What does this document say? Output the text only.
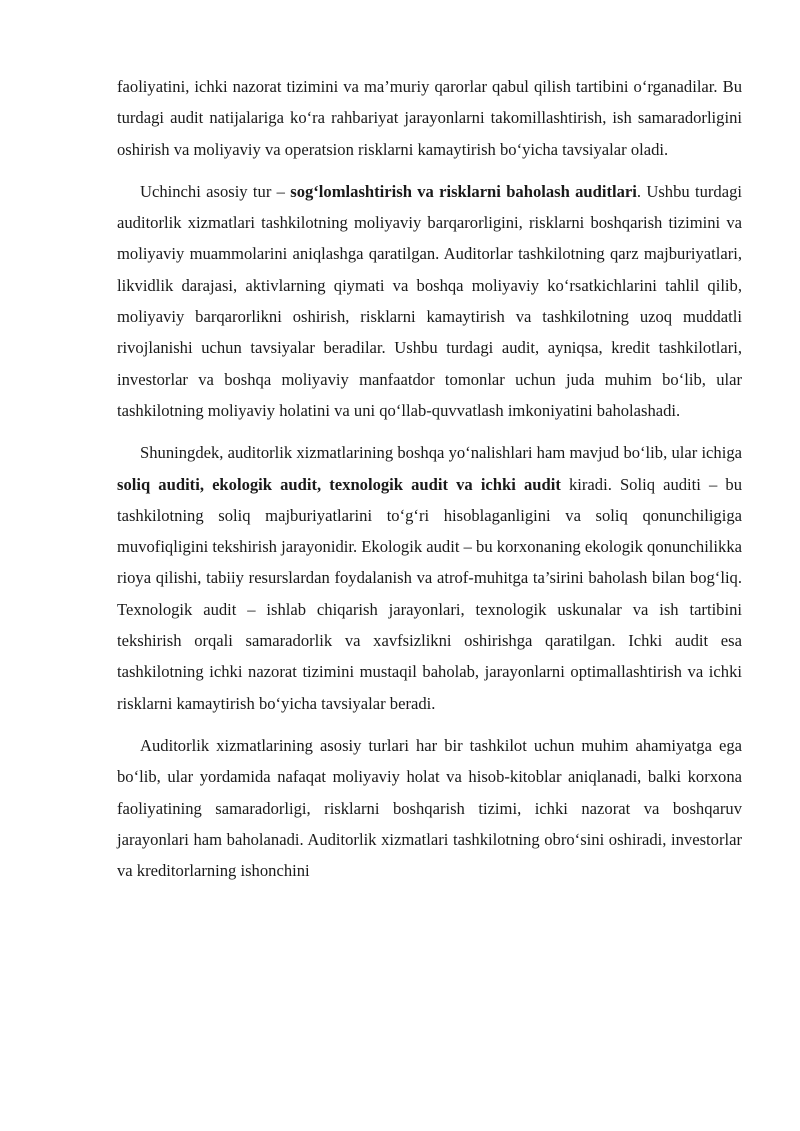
faoliyatini, ichki nazorat tizimini va ma’muriy qarorlar qabul qilish tartibini o‘rganadilar. Bu turdagi audit natijalariga ko‘ra rahbariyat jarayonlarni takomillashtirish, ish samaradorligini oshirish va moliyaviy va operatsion risklarni kamaytirish bo‘yicha tavsiyalar oladi.

Uchinchi asosiy tur – sog‘lomlashtirish va risklarni baholash auditlari. Ushbu turdagi auditorlik xizmatlari tashkilotning moliyaviy barqarorligini, risklarni boshqarish tizimini va moliyaviy muammolarini aniqlashga qaratilgan. Auditorlar tashkilotning qarz majburiyatlari, likvidlik darajasi, aktivlarning qiymati va boshqa moliyaviy ko‘rsatkichlarini tahlil qilib, moliyaviy barqarorlikni oshirish, risklarni kamaytirish va tashkilotning uzoq muddatli rivojlanishi uchun tavsiyalar beradilar. Ushbu turdagi audit, ayniqsa, kredit tashkilotlari, investorlar va boshqa moliyaviy manfaatdor tomonlar uchun juda muhim bo‘lib, ular tashkilotning moliyaviy holatini va uni qo‘llab-quvvatlash imkoniyatini baholashadi.

Shuningdek, auditorlik xizmatlarining boshqa yo‘nalishlari ham mavjud bo‘lib, ular ichiga soliq auditi, ekologik audit, texnologik audit va ichki audit kiradi. Soliq auditi – bu tashkilotning soliq majburiyatlarini to‘g‘ri hisoblaganligini va soliq qonunchiligiga muvofiqligini tekshirish jarayonidir. Ekologik audit – bu korxonaning ekologik qonunchilikka rioya qilishi, tabiiy resurslardan foydalanish va atrof-muhitga ta’sirini baholash bilan bog‘liq. Texnologik audit – ishlab chiqarish jarayonlari, texnologik uskunalar va ish tartibini tekshirish orqali samaradorlik va xavfsizlikni oshirishga qaratilgan. Ichki audit esa tashkilotning ichki nazorat tizimini mustaqil baholab, jarayonlarni optimallashtirish va ichki risklarni kamaytirish bo‘yicha tavsiyalar beradi.

Auditorlik xizmatlarining asosiy turlari har bir tashkilot uchun muhim ahamiyatga ega bo‘lib, ular yordamida nafaqat moliyaviy holat va hisob-kitoblar aniqlanadi, balki korxona faoliyatining samaradorligi, risklarni boshqarish tizimi, ichki nazorat va boshqaruv jarayonlari ham baholanadi. Auditorlik xizmatlari tashkilotning obro‘sini oshiradi, investorlar va kreditorlarning ishonchini
